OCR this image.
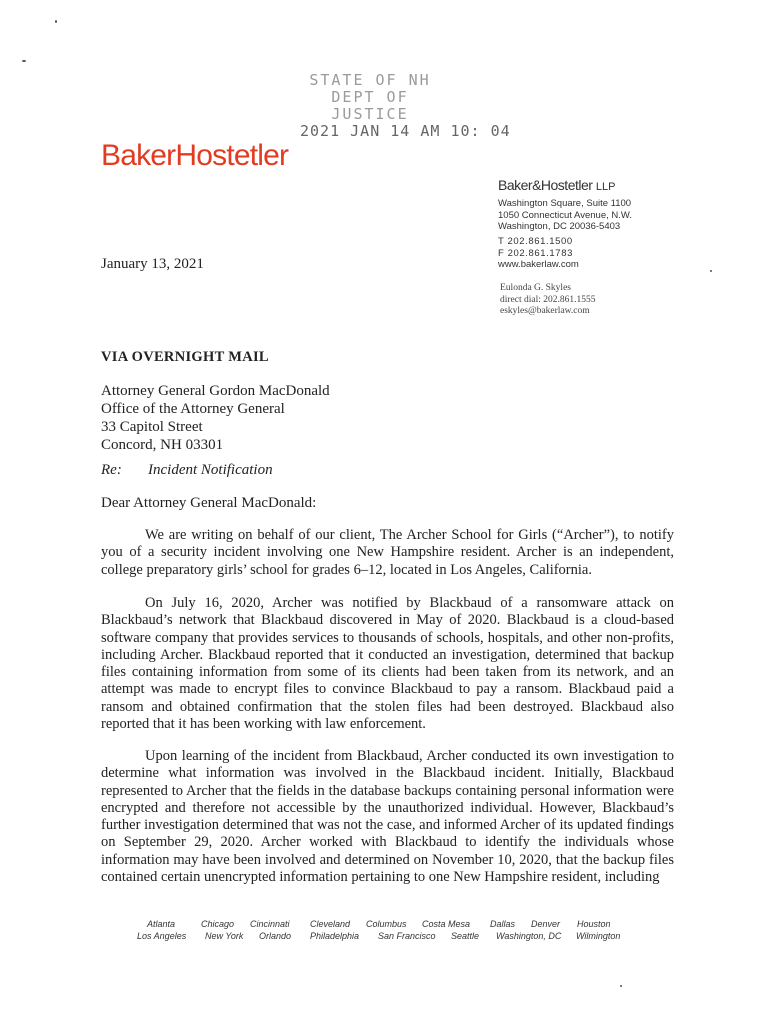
STATE OF NH
DEPT OF JUSTICE
2021 JAN 14 AM 10: 04
BakerHostetler
Baker&Hostetler LLP
Washington Square, Suite 1100
1050 Connecticut Avenue, N.W.
Washington, DC 20036-5403
T 202.861.1500
F 202.861.1783
www.bakerlaw.com
Eulonda G. Skyles
direct dial: 202.861.1555
eskyles@bakerlaw.com
January 13, 2021
VIA OVERNIGHT MAIL
Attorney General Gordon MacDonald
Office of the Attorney General
33 Capitol Street
Concord, NH 03301
Re: Incident Notification
Dear Attorney General MacDonald:
We are writing on behalf of our client, The Archer School for Girls (“Archer”), to notify you of a security incident involving one New Hampshire resident. Archer is an independent, college preparatory girls’ school for grades 6–12, located in Los Angeles, California.
On July 16, 2020, Archer was notified by Blackbaud of a ransomware attack on Blackbaud’s network that Blackbaud discovered in May of 2020. Blackbaud is a cloud-based software company that provides services to thousands of schools, hospitals, and other non-profits, including Archer. Blackbaud reported that it conducted an investigation, determined that backup files containing information from some of its clients had been taken from its network, and an attempt was made to encrypt files to convince Blackbaud to pay a ransom. Blackbaud paid a ransom and obtained confirmation that the stolen files had been destroyed. Blackbaud also reported that it has been working with law enforcement.
Upon learning of the incident from Blackbaud, Archer conducted its own investigation to determine what information was involved in the Blackbaud incident. Initially, Blackbaud represented to Archer that the fields in the database backups containing personal information were encrypted and therefore not accessible by the unauthorized individual. However, Blackbaud’s further investigation determined that was not the case, and informed Archer of its updated findings on September 29, 2020. Archer worked with Blackbaud to identify the individuals whose information may have been involved and determined on November 10, 2020, that the backup files contained certain unencrypted information pertaining to one New Hampshire resident, including
Atlanta	Chicago Cincinnati Cleveland Columbus Costa Mesa Dallas Denver Houston
Los Angeles New York Orlando Philadelphia San Francisco Seattle Washington, DC Wilmington
